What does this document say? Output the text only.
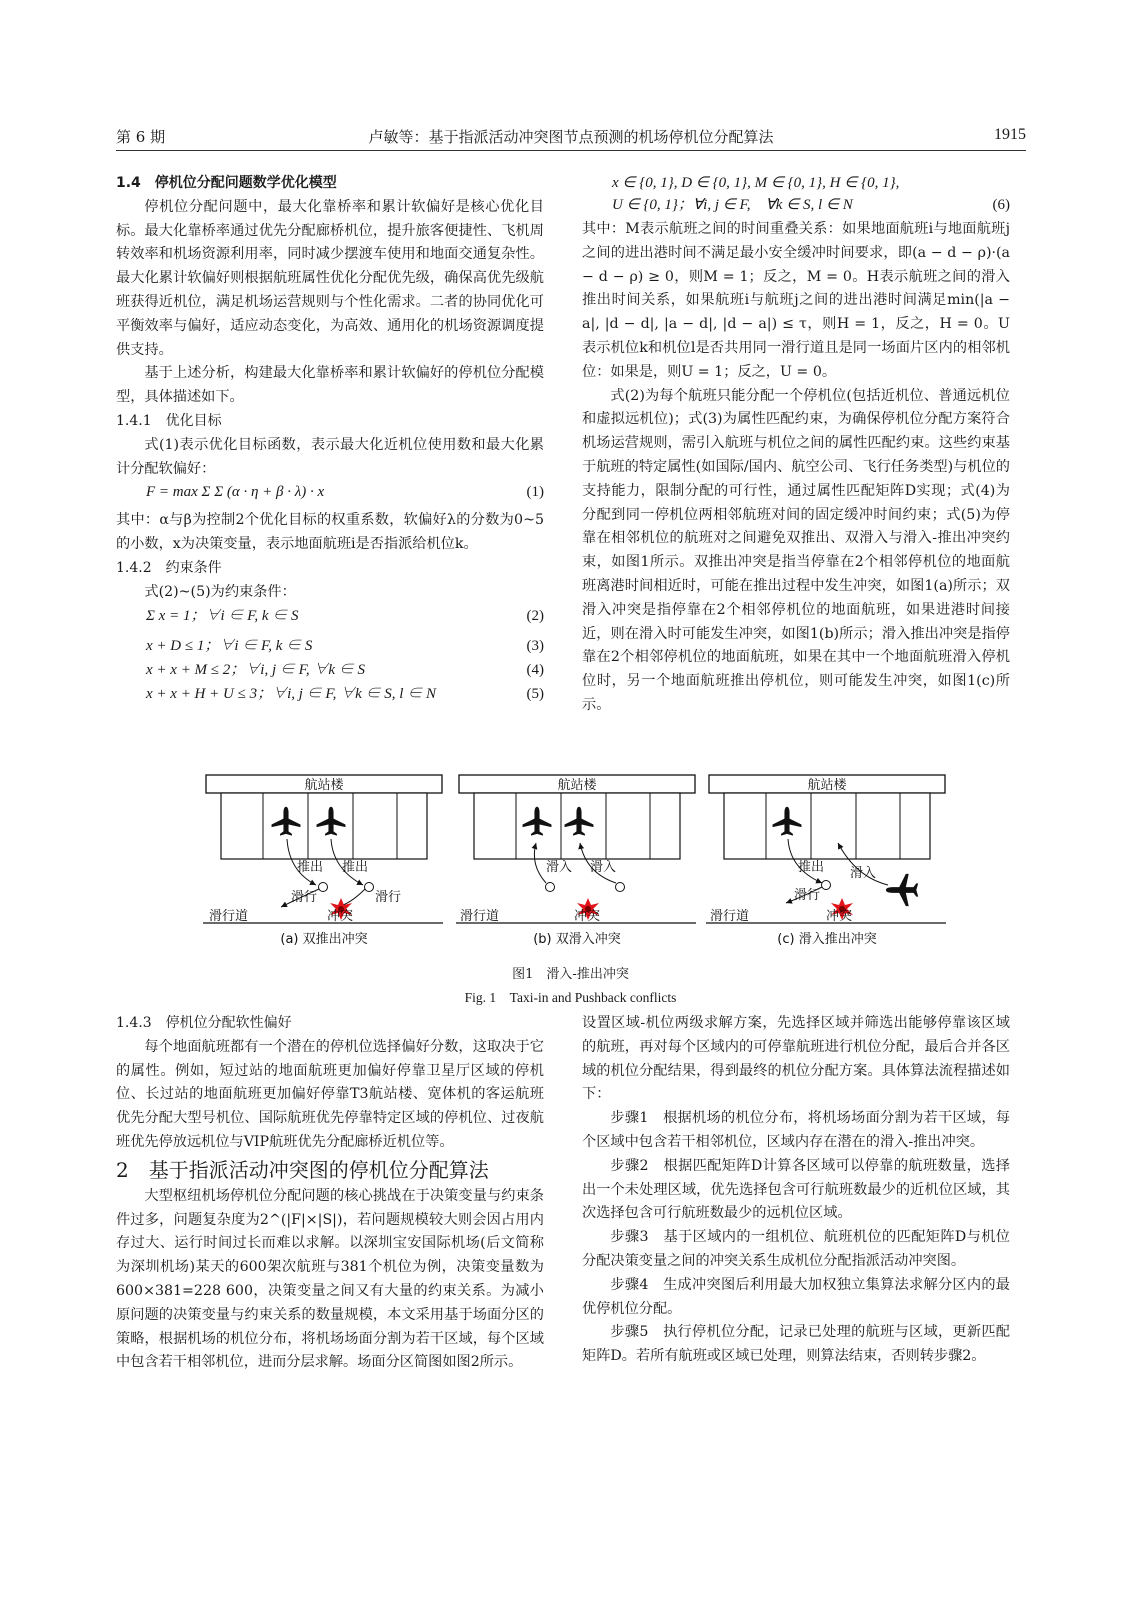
第 6 期	卢敏等：基于指派活动冲突图节点预测的机场停机位分配算法	1915

1.4　停机位分配问题数学优化模型

停机位分配问题中，最大化靠桥率和累计软偏好是核心优化目标。最大化靠桥率通过优先分配廊桥机位，提升旅客便捷性、飞机周转效率和机场资源利用率，同时减少摆渡车使用和地面交通复杂性。最大化累计软偏好则根据航班属性优化分配优先级，确保高优先级航班获得近机位，满足机场运营规则与个性化需求。二者的协同优化可平衡效率与偏好，适应动态变化，为高效、通用化的机场资源调度提供支持。

基于上述分析，构建最大化靠桥率和累计软偏好的停机位分配模型，具体描述如下。

1.4.1　优化目标

式(1)表示优化目标函数，表示最大化近机位使用数和最大化累计分配软偏好：

F = max Σ Σ (α · η + β · λ) · x	(1)

其中：α与β为控制2个优化目标的权重系数，软偏好λ的分数为0~5的小数，x为决策变量，表示地面航班i是否指派给机位k。

1.4.2　约束条件

式(2)~(5)为约束条件：

Σ x = 1；∀i ∈ F, k ∈ S	(2)
x + D ≤ 1；∀i ∈ F, k ∈ S	(3)
x + x + M ≤ 2；∀i, j ∈ F, ∀k ∈ S	(4)
x + x + H + U ≤ 3；∀i, j ∈ F, ∀k ∈ S, l ∈ N	(5)
x ∈ {0, 1}, D ∈ {0, 1}, M ∈ {0, 1}, H ∈ {0, 1},
U ∈ {0, 1}；∀i, j ∈ F,　∀k ∈ S, l ∈ N	(6)

其中：M表示航班之间的时间重叠关系：如果地面航班i与地面航班j之间的进出港时间不满足最小安全缓冲时间要求，即(a − d − ρ)·(a − d − ρ) ≥ 0，则M = 1；反之，M = 0。H表示航班之间的滑入推出时间关系，如果航班i与航班j之间的进出港时间满足min(|a − a|, |d − d|, |a − d|, |d − a|) ≤ τ，则H = 1，反之，H = 0。U表示机位k和机位l是否共用同一滑行道且是同一场面片区内的相邻机位：如果是，则U = 1；反之，U = 0。

式(2)为每个航班只能分配一个停机位(包括近机位、普通远机位和虚拟远机位)；式(3)为属性匹配约束，为确保停机位分配方案符合机场运营规则，需引入航班与机位之间的属性匹配约束。这些约束基于航班的特定属性(如国际/国内、航空公司、飞行任务类型)与机位的支持能力，限制分配的可行性，通过属性匹配矩阵D实现；式(4)为分配到同一停机位两相邻航班对间的固定缓冲时间约束；式(5)为停靠在相邻机位的航班对之间避免双推出、双滑入与滑入-推出冲突约束，如图1所示。双推出冲突是指当停靠在2个相邻停机位的地面航班离港时间相近时，可能在推出过程中发生冲突，如图1(a)所示；双滑入冲突是指停靠在2个相邻停机位的地面航班，如果进港时间接近，则在滑入时可能发生冲突，如图1(b)所示；滑入推出冲突是指停靠在2个相邻停机位的地面航班，如果在其中一个地面航班滑入停机位时，另一个地面航班推出停机位，则可能发生冲突，如图1(c)所示。

航站楼
推出 推出
滑行	滑行
滑行道	冲突
(a) 双推出冲突
航站楼
滑入 滑入
滑行道	冲突
(b) 双滑入冲突
航站楼
推出
滑行
滑入
滑行道	冲突
(c) 滑入推出冲突
图1　滑入-推出冲突
Fig. 1　Taxi-in and Pushback conflicts

1.4.3　停机位分配软性偏好

每个地面航班都有一个潜在的停机位选择偏好分数，这取决于它的属性。例如，短过站的地面航班更加偏好停靠卫星厅区域的停机位、长过站的地面航班更加偏好停靠T3航站楼、宽体机的客运航班优先分配大型号机位、国际航班优先停靠特定区域的停机位、过夜航班优先停放远机位与VIP航班优先分配廊桥近机位等。

2　基于指派活动冲突图的停机位分配算法

大型枢纽机场停机位分配问题的核心挑战在于决策变量与约束条件过多，问题复杂度为2^(|F|×|S|)，若问题规模较大则会因占用内存过大、运行时间过长而难以求解。以深圳宝安国际机场(后文简称为深圳机场)某天的600架次航班与381个机位为例，决策变量数为600×381=228 600，决策变量之间又有大量的约束关系。为减小原问题的决策变量与约束关系的数量规模，本文采用基于场面分区的策略，根据机场的机位分布，将机场场面分割为若干区域，每个区域中包含若干相邻机位，进而分层求解。场面分区简图如图2所示。

设置区域-机位两级求解方案，先选择区域并筛选出能够停靠该区域的航班，再对每个区域内的可停靠航班进行机位分配，最后合并各区域的机位分配结果，得到最终的机位分配方案。具体算法流程描述如下：

步骤1　根据机场的机位分布，将机场场面分割为若干区域，每个区域中包含若干相邻机位，区域内存在潜在的滑入-推出冲突。

步骤2　根据匹配矩阵D计算各区域可以停靠的航班数量，选择出一个未处理区域，优先选择包含可行航班数最少的近机位区域，其次选择包含可行航班数最少的远机位区域。

步骤3　基于区域内的一组机位、航班机位的匹配矩阵D与机位分配决策变量之间的冲突关系生成机位分配指派活动冲突图。

步骤4　生成冲突图后利用最大加权独立集算法求解分区内的最优停机位分配。

步骤5　执行停机位分配，记录已处理的航班与区域，更新匹配矩阵D。若所有航班或区域已处理，则算法结束，否则转步骤2。
